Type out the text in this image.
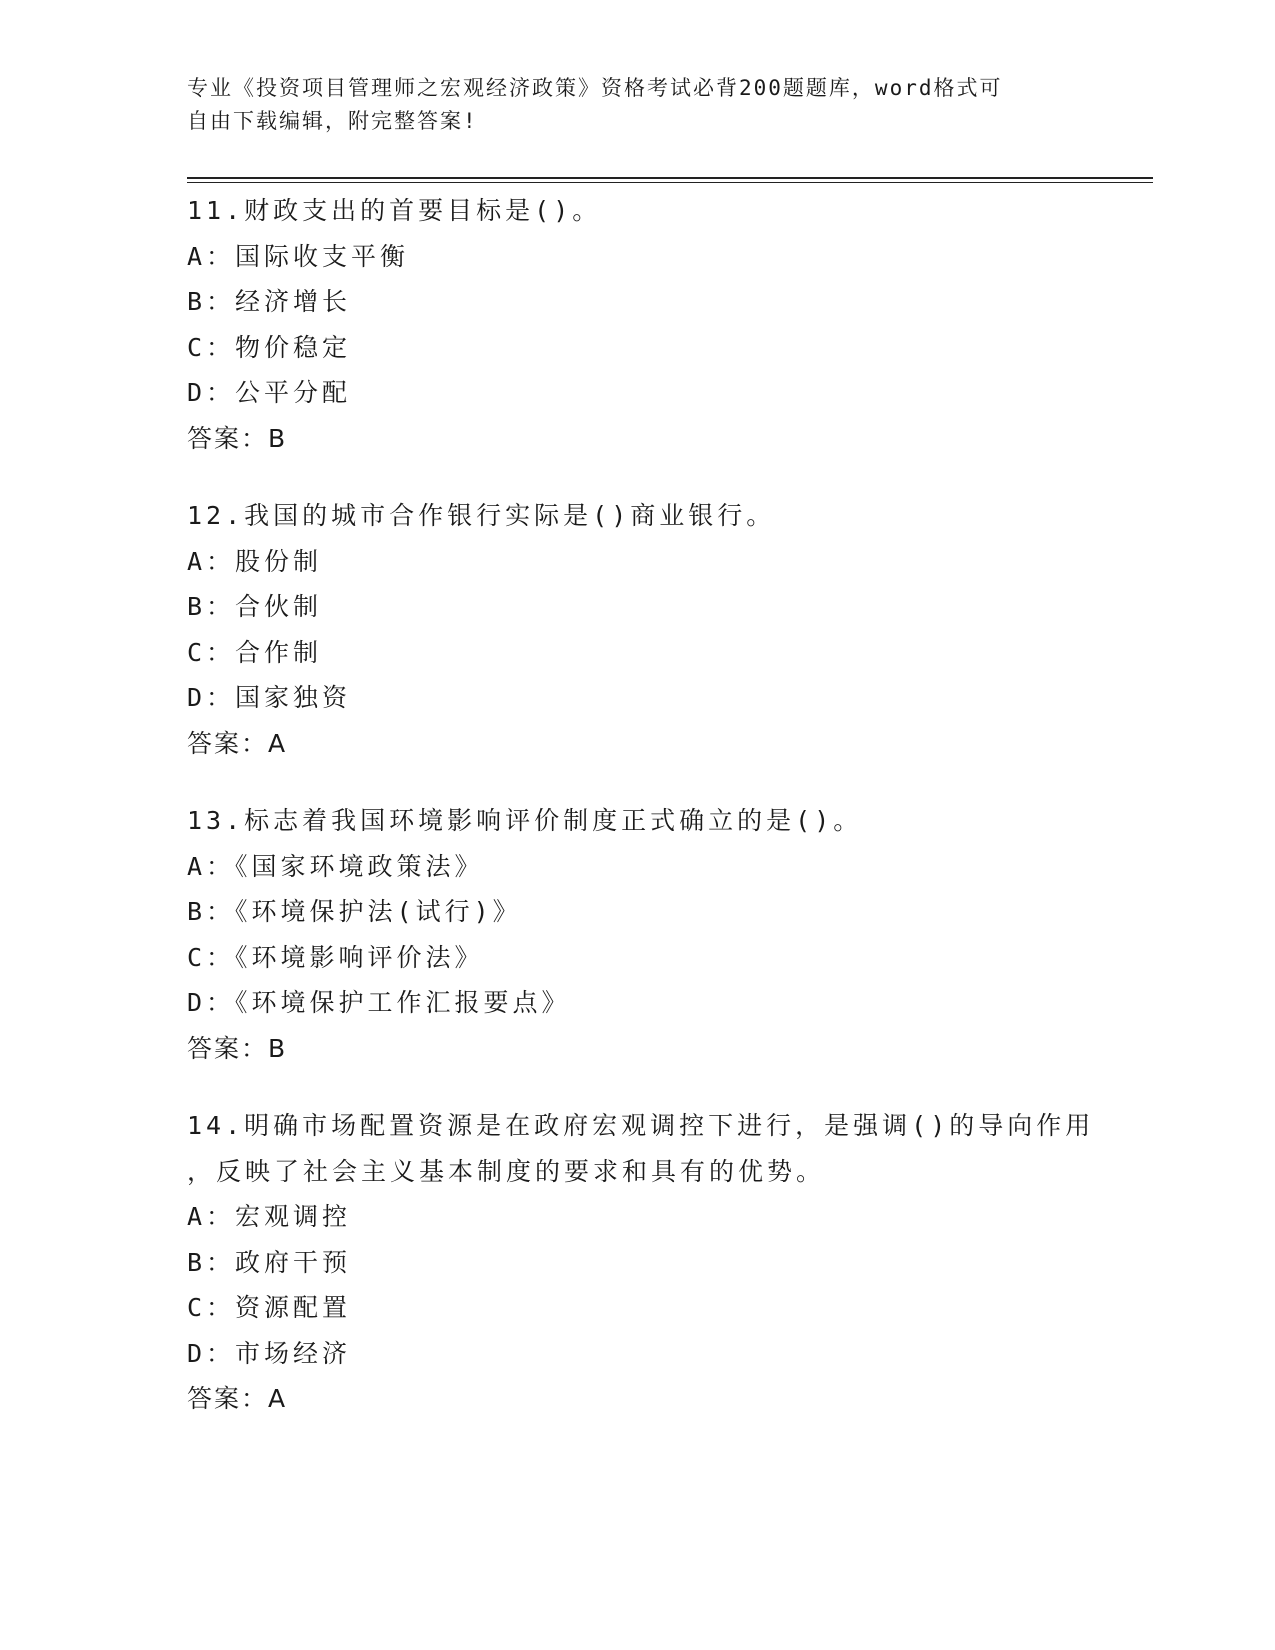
专业《投资项目管理师之宏观经济政策》资格考试必背200题题库，word格式可
自由下载编辑，附完整答案!
11.财政支出的首要目标是()。
A：国际收支平衡
B：经济增长
C：物价稳定
D：公平分配
答案：B
12.我国的城市合作银行实际是()商业银行。
A：股份制
B：合伙制
C：合作制
D：国家独资
答案：A
13.标志着我国环境影响评价制度正式确立的是()。
A：《国家环境政策法》
B：《环境保护法(试行)》
C：《环境影响评价法》
D：《环境保护工作汇报要点》
答案：B
14.明确市场配置资源是在政府宏观调控下进行，是强调()的导向作用
，反映了社会主义基本制度的要求和具有的优势。
A：宏观调控
B：政府干预
C：资源配置
D：市场经济
答案：A
